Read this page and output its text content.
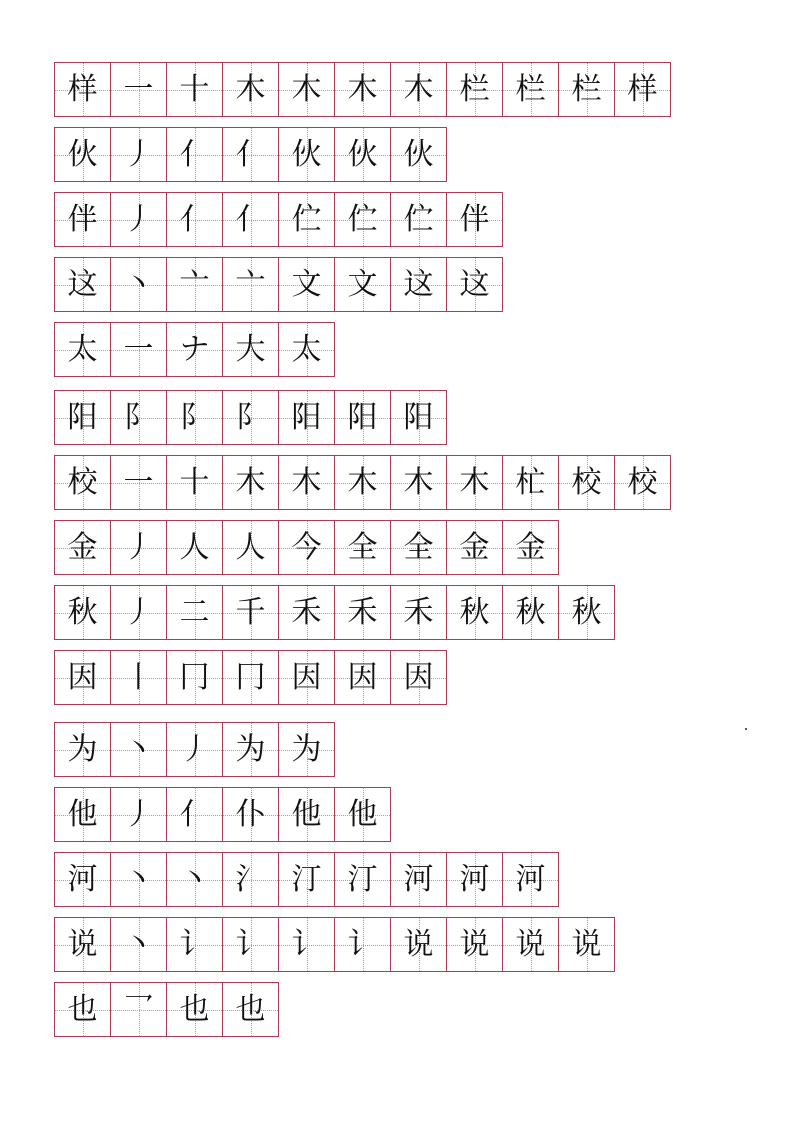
样 一 十 木 木 木 木 栏 栏 栏 样
伙 丿 亻 亻 伙 伙 伙
伴 丿 亻 亻 伫 伫 伫 伴
这 丶 亠 亠 文 文 这 这
太 一 ナ 大 太
阳 阝 阝 阝 阳 阳 阳
校 一 十 木 木 木 木 木 杧 校 校
金 丿 人 人 今 全 全 金 金
秋 丿 二 千 禾 禾 禾 秋 秋 秋
因 丨 冂 冂 因 因 因
为 丶 丿 为 为
他 丿 亻 仆 他 他
河 丶 丶 氵 汀 汀 河 河 河
说 丶 讠 讠 讠 讠 说 说 说 说
也 乛 也 也
